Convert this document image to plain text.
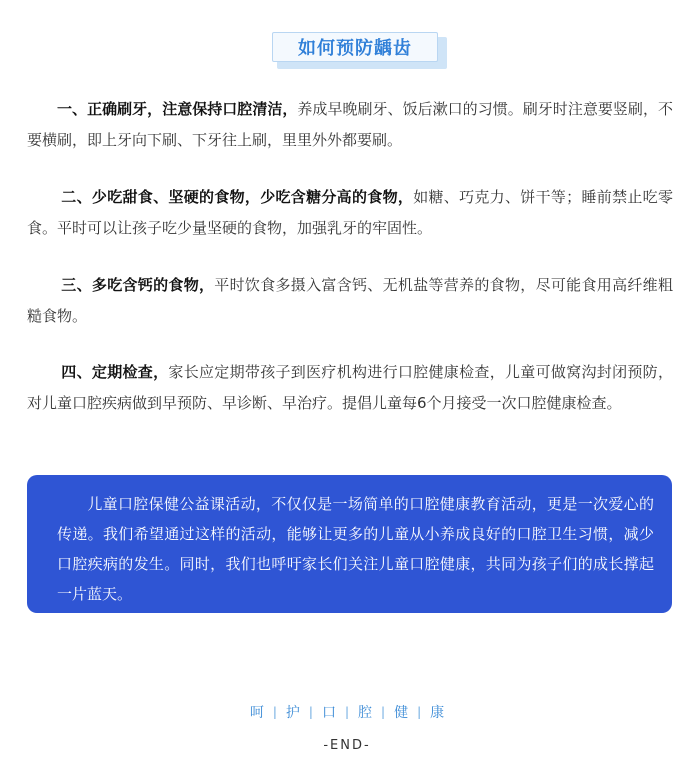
如何预防龋齿

一、正确刷牙，注意保持口腔清洁，养成早晚刷牙、饭后漱口的习惯。刷牙时注意要竖刷，不要横刷，即上牙向下刷、下牙往上刷，里里外外都要刷。

二、少吃甜食、坚硬的食物，少吃含糖分高的食物，如糖、巧克力、饼干等；睡前禁止吃零食。平时可以让孩子吃少量坚硬的食物，加强乳牙的牢固性。

三、多吃含钙的食物，平时饮食多摄入富含钙、无机盐等营养的食物，尽可能食用高纤维粗糙食物。

四、定期检查，家长应定期带孩子到医疗机构进行口腔健康检查，儿童可做窝沟封闭预防，对儿童口腔疾病做到早预防、早诊断、早治疗。提倡儿童每6个月接受一次口腔健康检查。

儿童口腔保健公益课活动，不仅仅是一场简单的口腔健康教育活动，更是一次爱心的传递。我们希望通过这样的活动，能够让更多的儿童从小养成良好的口腔卫生习惯，减少口腔疾病的发生。同时，我们也呼吁家长们关注儿童口腔健康，共同为孩子们的成长撑起一片蓝天。
呵 | 护 | 口 | 腔 | 健 | 康
-END-
